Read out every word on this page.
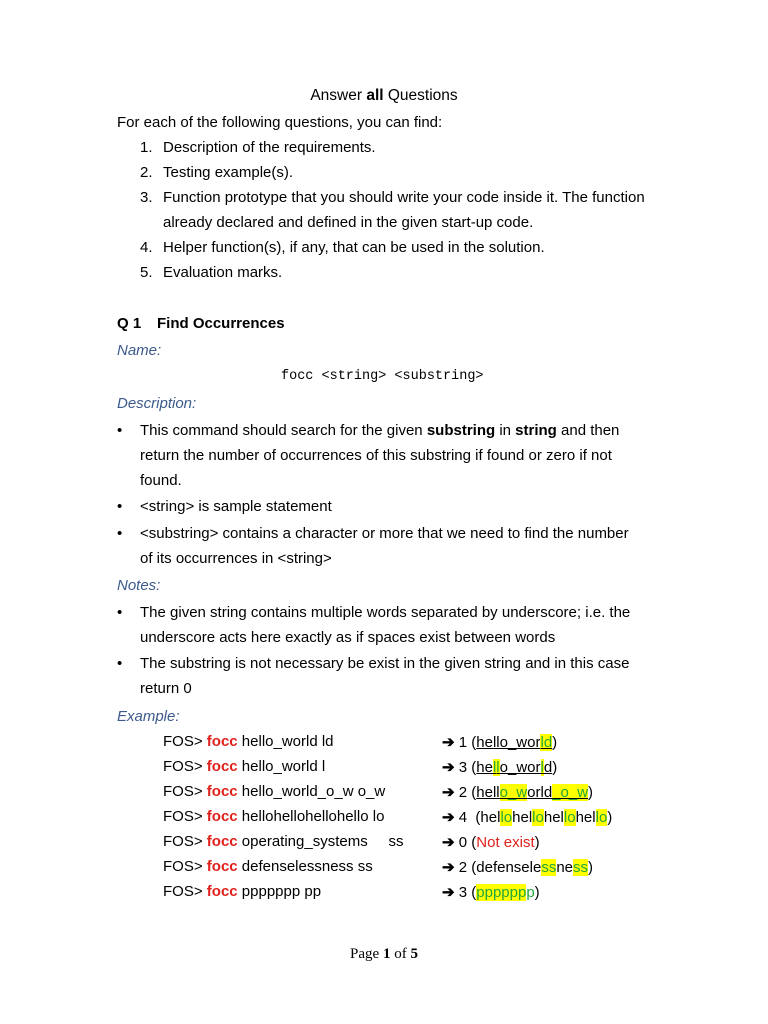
Answer all Questions
For each of the following questions, you can find:
1. Description of the requirements.
2. Testing example(s).
3. Function prototype that you should write your code inside it. The function
already declared and defined in the given start-up code.
4. Helper function(s), if any, that can be used in the solution.
5. Evaluation marks.
Q 1 Find Occurrences
Name:
focc <string> <substring>
Description:
• This command should search for the given substring in string and then
return the number of occurrences of this substring if found or zero if not
found.
• <string> is sample statement
• <substring> contains a character or more that we need to find the number
of its occurrences in <string>
Notes:
• The given string contains multiple words separated by underscore; i.e. the
underscore acts here exactly as if spaces exist between words
• The substring is not necessary be exist in the given string and in this case
return 0
Example:
FOS> focc hello_world ld	➔ 1 (hello_world)
FOS> focc hello_world l	➔ 3 (hello_world)
FOS> focc hello_world_o_w o_w	➔ 2 (hello_world_o_w)
FOS> focc hellohellohellohello lo	➔ 4  (hellohellohellohello)
FOS> focc operating_systems     ss	➔ 0 (Not exist)
FOS> focc defenselessness ss	➔ 2 (defenselessness)
FOS> focc ppppppp pp	➔ 3 (ppppppp)
Page 1 of 5
